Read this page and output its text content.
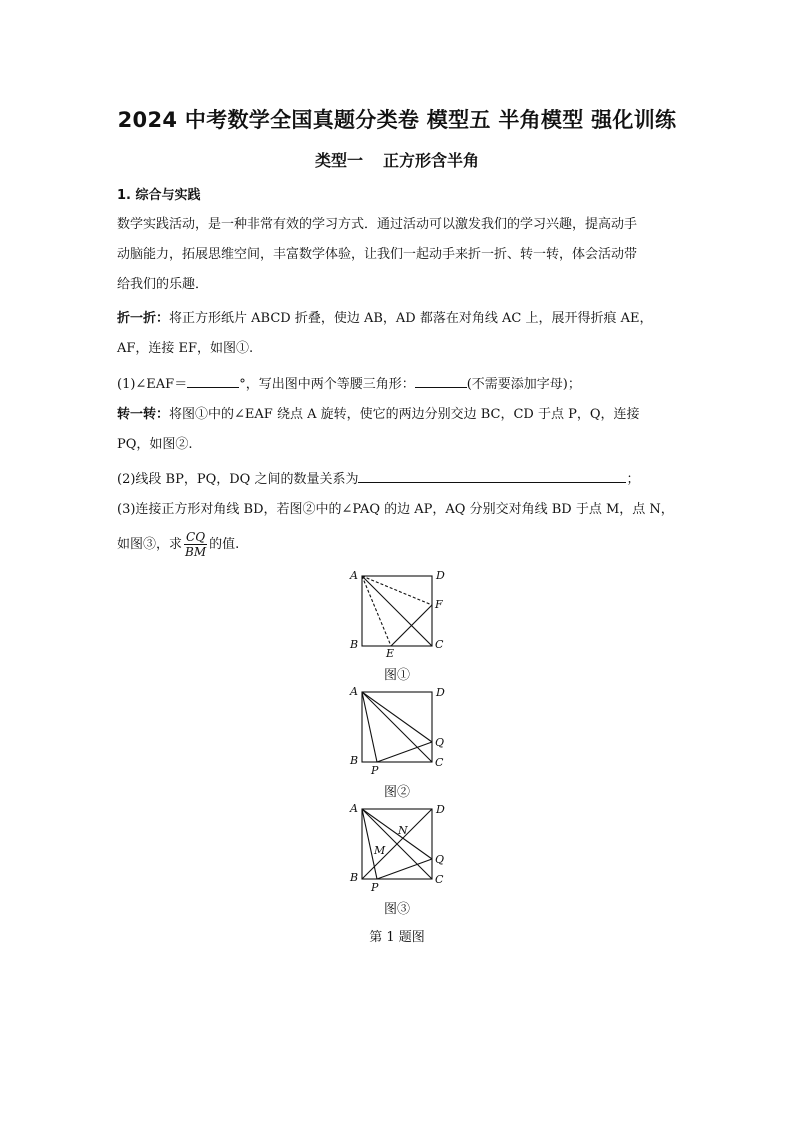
2024 中考数学全国真题分类卷 模型五 半角模型 强化训练
类型一 正方形含半角
1. 综合与实践
数学实践活动，是一种非常有效的学习方式．通过活动可以激发我们的学习兴趣，提高动手
动脑能力，拓展思维空间，丰富数学体验，让我们一起动手来折一折、转一转，体会活动带
给我们的乐趣．
折一折：将正方形纸片 ABCD 折叠，使边 AB，AD 都落在对角线 AC 上，展开得折痕 AE，
AF，连接 EF，如图①.
(1)∠EAF＝	°，写出图中两个等腰三角形：	(不需要添加字母)；
转一转：将图①中的∠EAF 绕点 A 旋转，使它的两边分别交边 BC，CD 于点 P，Q，连接
PQ，如图②.
(2)线段 BP，PQ，DQ 之间的数量关系为	；
(3)连接正方形对角线 BD，若图②中的∠PAQ 的边 AP，AQ 分别交对角线 BD 于点 M，点 N，
如图③，求 $\frac{CQ}{BM}$ 的值.
A	D
B	C
E
F
图①
A	D
B	C
P
Q
图②
A	D
B	C
P
Q
M
N
图③
第 1 题图
